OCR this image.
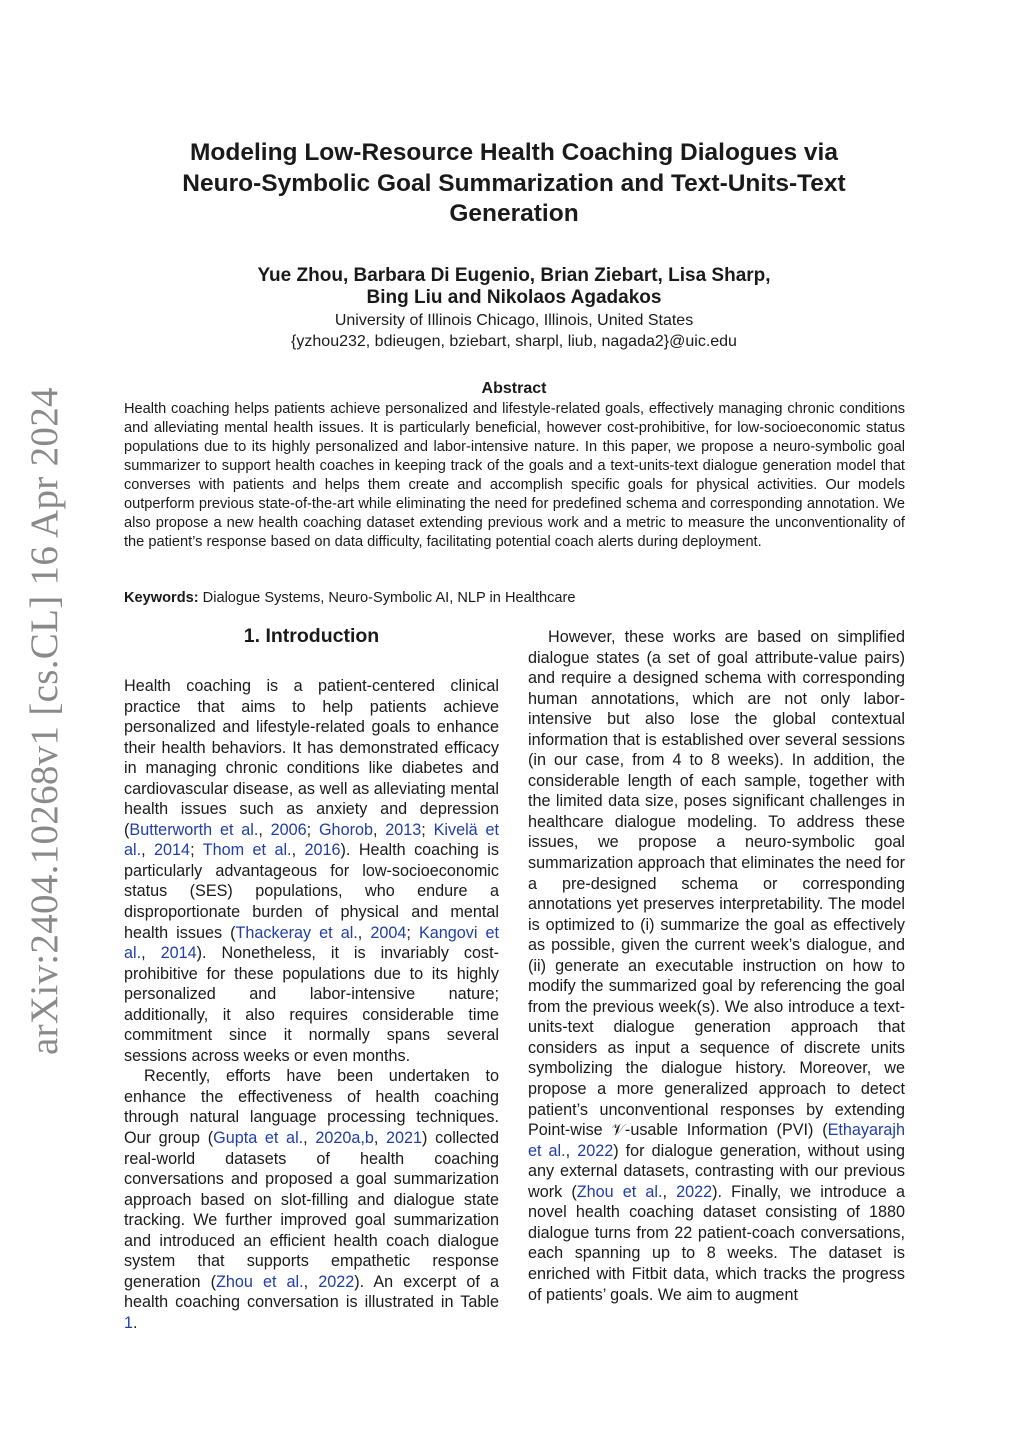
arXiv:2404.10268v1 [cs.CL] 16 Apr 2024
Modeling Low-Resource Health Coaching Dialogues via
Neuro-Symbolic Goal Summarization and Text-Units-Text
Generation
Yue Zhou, Barbara Di Eugenio, Brian Ziebart, Lisa Sharp,
Bing Liu and Nikolaos Agadakos
University of Illinois Chicago, Illinois, United States
{yzhou232, bdieugen, bziebart, sharpl, liub, nagada2}@uic.edu
Abstract
Health coaching helps patients achieve personalized and lifestyle-related goals, effectively managing chronic conditions and alleviating mental health issues. It is particularly beneficial, however cost-prohibitive, for low-socioeconomic status populations due to its highly personalized and labor-intensive nature. In this paper, we propose a neuro-symbolic goal summarizer to support health coaches in keeping track of the goals and a text-units-text dialogue generation model that converses with patients and helps them create and accomplish specific goals for physical activities. Our models outperform previous state-of-the-art while eliminating the need for predefined schema and corresponding annotation. We also propose a new health coaching dataset extending previous work and a metric to measure the unconventionality of the patient’s response based on data difficulty, facilitating potential coach alerts during deployment.
Keywords: Dialogue Systems, Neuro-Symbolic AI, NLP in Healthcare
1. Introduction

Health coaching is a patient-centered clinical practice that aims to help patients achieve personalized and lifestyle-related goals to enhance their health behaviors. It has demonstrated efficacy in managing chronic conditions like diabetes and cardiovascular disease, as well as alleviating mental health issues such as anxiety and depression (Butterworth et al., 2006; Ghorob, 2013; Kivelä et al., 2014; Thom et al., 2016). Health coaching is particularly advantageous for low-socioeconomic status (SES) populations, who endure a disproportionate burden of physical and mental health issues (Thackeray et al., 2004; Kangovi et al., 2014). Nonetheless, it is invariably cost-prohibitive for these populations due to its highly personalized and labor-intensive nature; additionally, it also requires considerable time commitment since it normally spans several sessions across weeks or even months.

Recently, efforts have been undertaken to enhance the effectiveness of health coaching through natural language processing techniques. Our group (Gupta et al., 2020a,b, 2021) collected real-world datasets of health coaching conversations and proposed a goal summarization approach based on slot-filling and dialogue state tracking. We further improved goal summarization and introduced an efficient health coach dialogue system that supports empathetic response generation (Zhou et al., 2022). An excerpt of a health coaching conversation is illustrated in Table 1.

However, these works are based on simplified dialogue states (a set of goal attribute-value pairs) and require a designed schema with corresponding human annotations, which are not only labor-intensive but also lose the global contextual information that is established over several sessions (in our case, from 4 to 8 weeks). In addition, the considerable length of each sample, together with the limited data size, poses significant challenges in healthcare dialogue modeling. To address these issues, we propose a neuro-symbolic goal summarization approach that eliminates the need for a pre-designed schema or corresponding annotations yet preserves interpretability. The model is optimized to (i) summarize the goal as effectively as possible, given the current week’s dialogue, and (ii) generate an executable instruction on how to modify the summarized goal by referencing the goal from the previous week(s). We also introduce a text-units-text dialogue generation approach that considers as input a sequence of discrete units symbolizing the dialogue history. Moreover, we propose a more generalized approach to detect patient’s unconventional responses by extending Point-wise 𝒱-usable Information (PVI) (Ethayarajh et al., 2022) for dialogue generation, without using any external datasets, contrasting with our previous work (Zhou et al., 2022). Finally, we introduce a novel health coaching dataset consisting of 1880 dialogue turns from 22 patient-coach conversations, each spanning up to 8 weeks. The dataset is enriched with Fitbit data, which tracks the progress of patients’ goals. We aim to augment
